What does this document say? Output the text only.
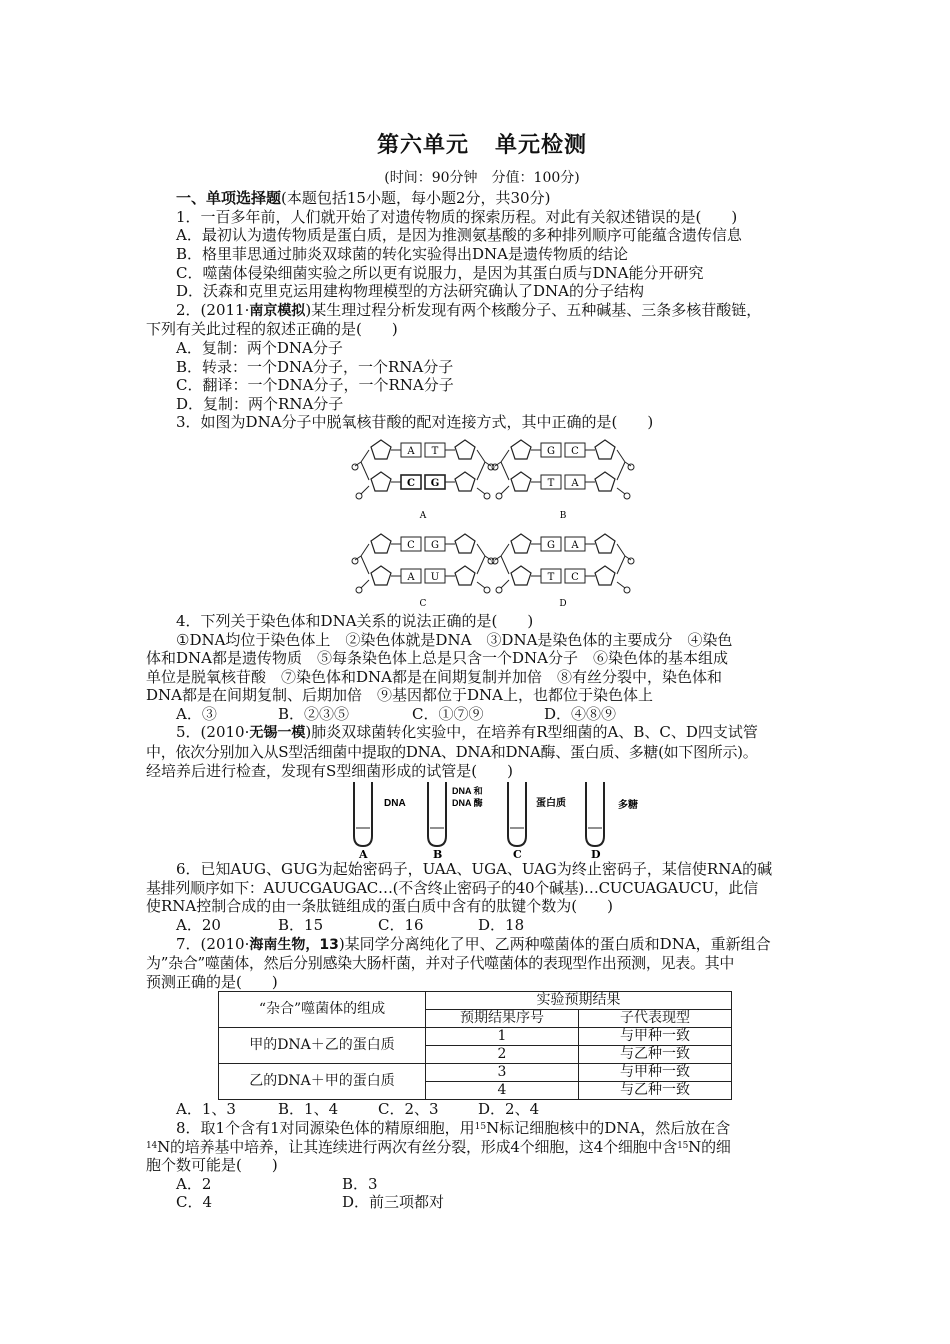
第六单元 单元检测
(时间：90分钟　分值：100分)
一、单项选择题(本题包括15小题，每小题2分，共30分)
1．一百多年前，人们就开始了对遗传物质的探索历程。对此有关叙述错误的是(　　)
A．最初认为遗传物质是蛋白质，是因为推测氨基酸的多种排列顺序可能蕴含遗传信息
B．格里菲思通过肺炎双球菌的转化实验得出DNA是遗传物质的结论
C．噬菌体侵染细菌实验之所以更有说服力，是因为其蛋白质与DNA能分开研究
D．沃森和克里克运用建构物理模型的方法研究确认了DNA的分子结构
2．(2011·南京模拟)某生理过程分析发现有两个核酸分子、五种碱基、三条多核苷酸链，
下列有关此过程的叙述正确的是(　　)
A．复制：两个DNA分子
B．转录：一个DNA分子，一个RNA分子
C．翻译：一个DNA分子，一个RNA分子
D．复制：两个RNA分子
3．如图为DNA分子中脱氧核苷酸的配对连接方式，其中正确的是(　　)
A T
C G
A
G C
T A
B
C G
A U
C
G A
T C
D
4．下列关于染色体和DNA关系的说法正确的是(　　)
①DNA均位于染色体上　②染色体就是DNA　③DNA是染色体的主要成分　④染色
体和DNA都是遗传物质　⑤每条染色体上总是只含一个DNA分子　⑥染色体的基本组成
单位是脱氧核苷酸　⑦染色体和DNA都是在间期复制并加倍　⑧有丝分裂中，染色体和
DNA都是在间期复制、后期加倍　⑨基因都位于DNA上，也都位于染色体上
A．③	B．②③⑤	C．①⑦⑨	D．④⑧⑨
5．(2010·无锡一模)肺炎双球菌转化实验中，在培养有R型细菌的A、B、C、D四支试管
中，依次分别加入从S型活细菌中提取的DNA、DNA和DNA酶、蛋白质、多糖(如下图所示)。
经培养后进行检查，发现有S型细菌形成的试管是(　　)
DNA
A
DNA 和
DNA 酶
B
蛋白质
C
多糖
D
6．已知AUG、GUG为起始密码子，UAA、UGA、UAG为终止密码子，某信使RNA的碱
基排列顺序如下：AUUCGAUGAC…(不含终止密码子的40个碱基)…CUCUAGAUCU，此信
使RNA控制合成的由一条肽链组成的蛋白质中含有的肽键个数为(　　)
A．20	B．15	C．16	D．18
7．(2010·海南生物，13)某同学分离纯化了甲、乙两种噬菌体的蛋白质和DNA，重新组合
为”杂合”噬菌体，然后分别感染大肠杆菌，并对子代噬菌体的表现型作出预测，见表。其中
预测正确的是(　　)
“杂合”噬菌体的组成	实验预期结果	
	预期结果序号	子代表现型
甲的DNA＋乙的蛋白质	1	与甲种一致
	2	与乙种一致
乙的DNA＋甲的蛋白质	3	与甲种一致
	4	与乙种一致
A．1、3	B．1、4	C．2、3	D．2、4
8．取1个含有1对同源染色体的精原细胞，用$^{15}$N标记细胞核中的DNA，然后放在含
$^{14}$N的培养基中培养，让其连续进行两次有丝分裂，形成4个细胞，这4个细胞中含$^{15}$N的细
胞个数可能是(　　)
A．2	B．3
C．4	D．前三项都对
